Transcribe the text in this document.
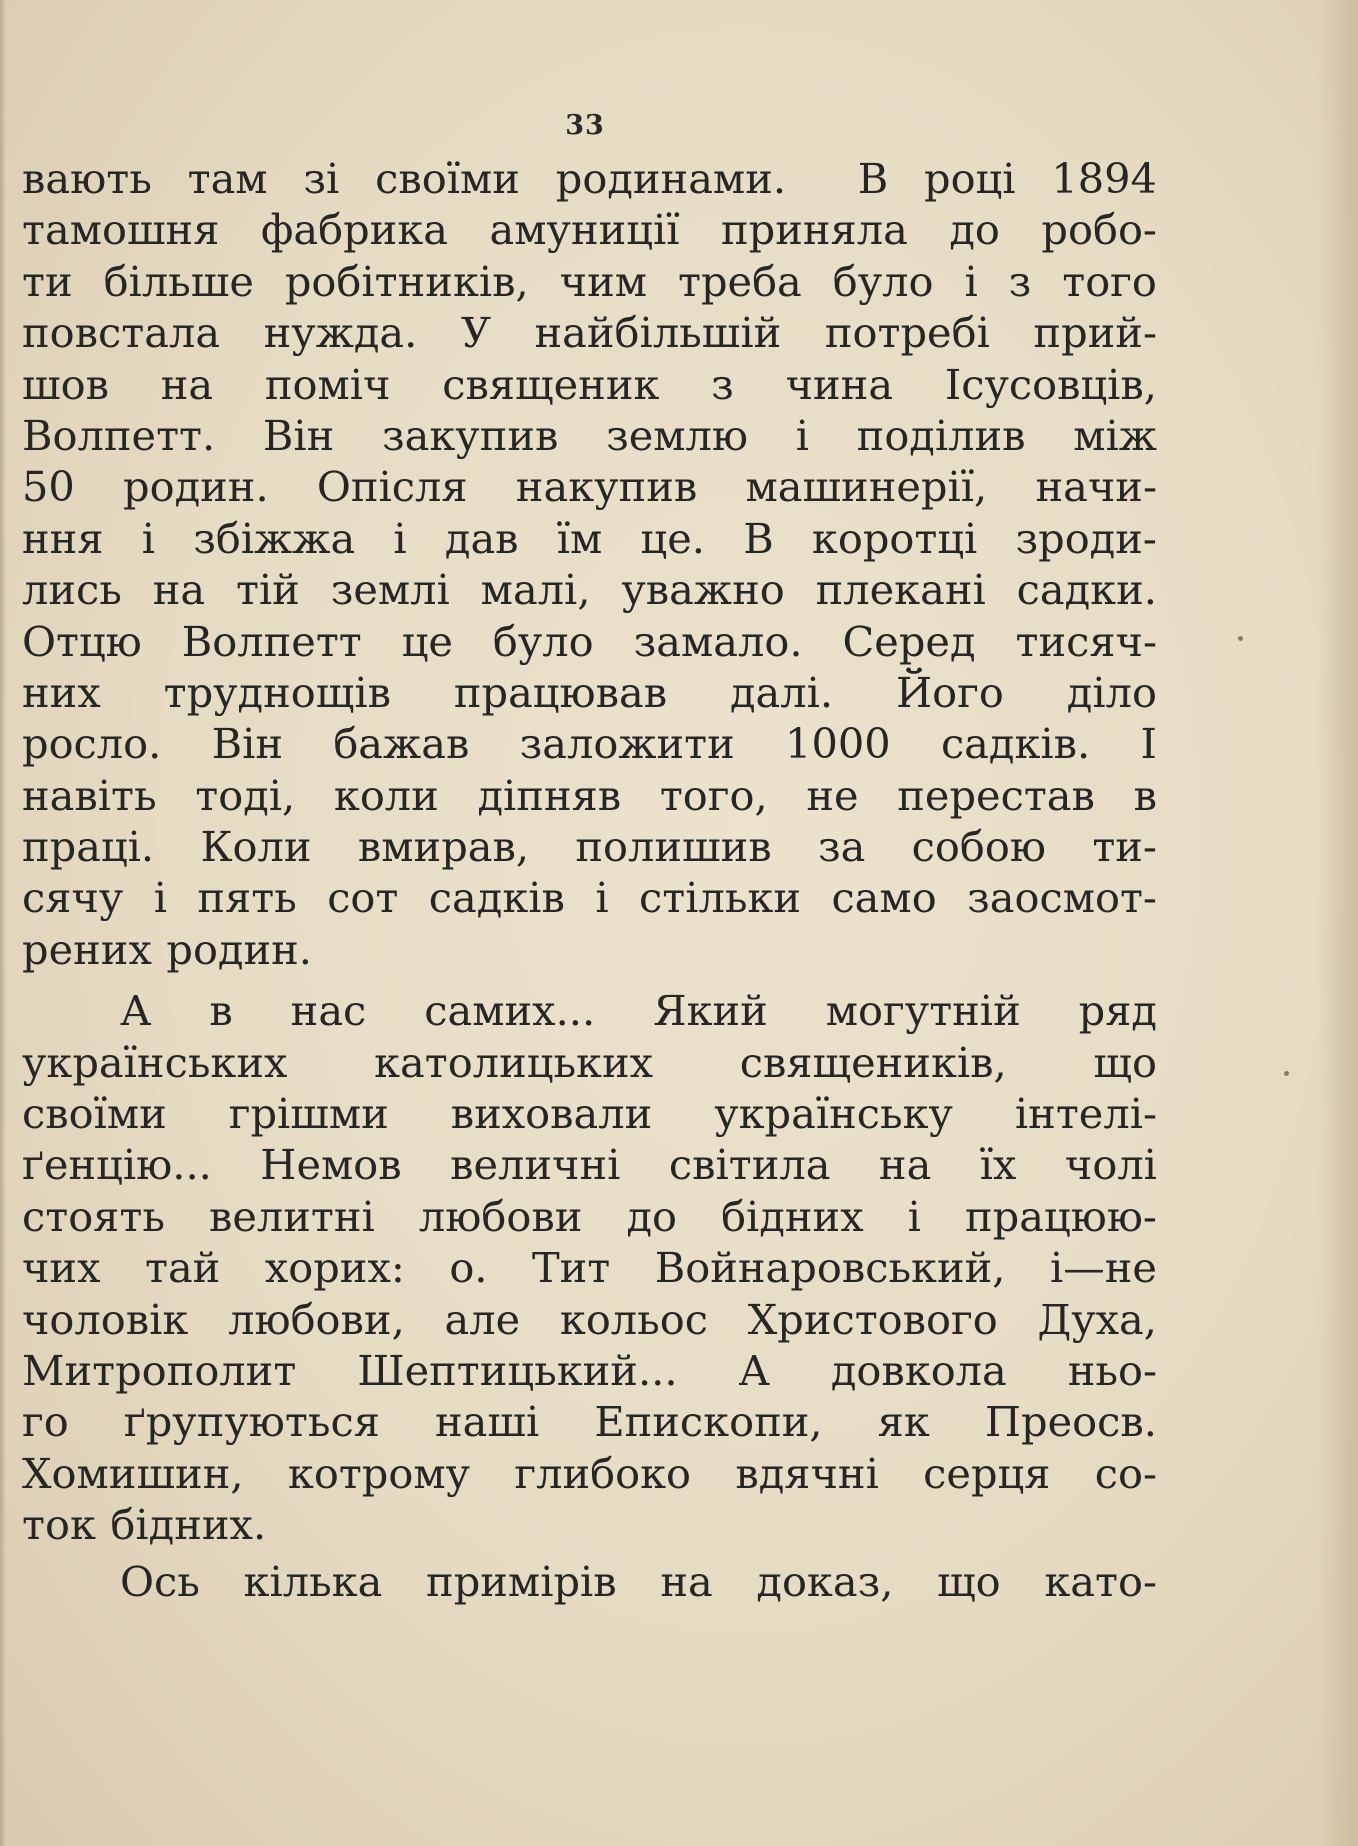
33
вають там зі своїми родинами. В році 1894
тамошня фабрика амуниції приняла до робо-
ти більше робітників, чим треба було і з того
повстала нужда. У найбільшій потребі прий-
шов на поміч священик з чина Ісусовців,
Волпетт. Він закупив землю і поділив між
50 родин. Опісля накупив машинерії, начи-
ння і збіжжа і дав їм це. В коротці зроди-
лись на тій землі малі, уважно плекані садки.
Отцю Волпетт це було замало. Серед тисяч-
них труднощів працював далі. Його діло
росло. Він бажав заложити 1000 садків. І
навіть тоді, коли діпняв того, не перестав в
праці. Коли вмирав, полишив за собою ти-
сячу і пять сот садків і стільки само заосмот-
рених родин.
А в нас самих... Який могутній ряд
українських католицьких священиків, що
своїми грішми виховали українську інтелі-
ґенцію... Немов величні світила на їх чолі
стоять велитні любови до бідних і працюю-
чих тай хорих: о. Тит Войнаровський, і—не
чоловік любови, але кольос Христового Духа,
Митрополит Шептицький... А довкола ньо-
го ґрупуються наші Епископи, як Преосв.
Хомишин, котрому глибоко вдячні серця со-
ток бідних.
Ось кілька примірів на доказ, що като-
